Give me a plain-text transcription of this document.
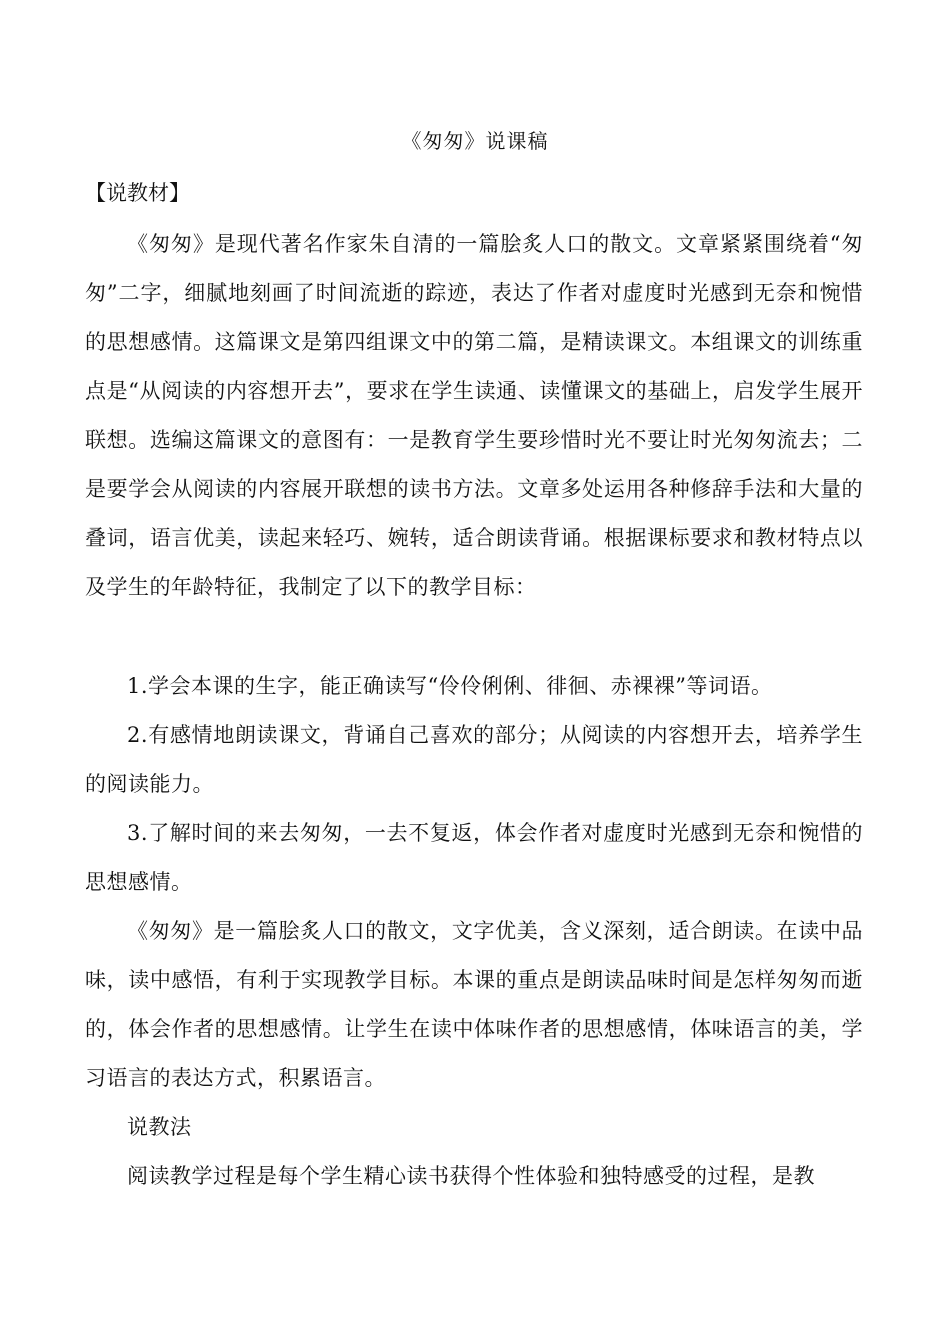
《匆匆》说课稿
【说教材】

《匆匆》是现代著名作家朱自清的一篇脍炙人口的散文。文章紧紧围绕着“匆匆”二字，细腻地刻画了时间流逝的踪迹，表达了作者对虚度时光感到无奈和惋惜的思想感情。这篇课文是第四组课文中的第二篇，是精读课文。本组课文的训练重点是“从阅读的内容想开去”，要求在学生读通、读懂课文的基础上，启发学生展开联想。选编这篇课文的意图有：一是教育学生要珍惜时光不要让时光匆匆流去；二是要学会从阅读的内容展开联想的读书方法。文章多处运用各种修辞手法和大量的叠词，语言优美，读起来轻巧、婉转，适合朗读背诵。根据课标要求和教材特点以及学生的年龄特征，我制定了以下的教学目标：

1.学会本课的生字，能正确读写“伶伶俐俐、徘徊、赤裸裸”等词语。

2.有感情地朗读课文，背诵自己喜欢的部分；从阅读的内容想开去，培养学生的阅读能力。

3.了解时间的来去匆匆，一去不复返，体会作者对虚度时光感到无奈和惋惜的思想感情。

《匆匆》是一篇脍炙人口的散文，文字优美，含义深刻，适合朗读。在读中品味，读中感悟，有利于实现教学目标。本课的重点是朗读品味时间是怎样匆匆而逝的，体会作者的思想感情。让学生在读中体味作者的思想感情，体味语言的美，学习语言的表达方式，积累语言。

说教法

阅读教学过程是每个学生精心读书获得个性体验和独特感受的过程，是教
